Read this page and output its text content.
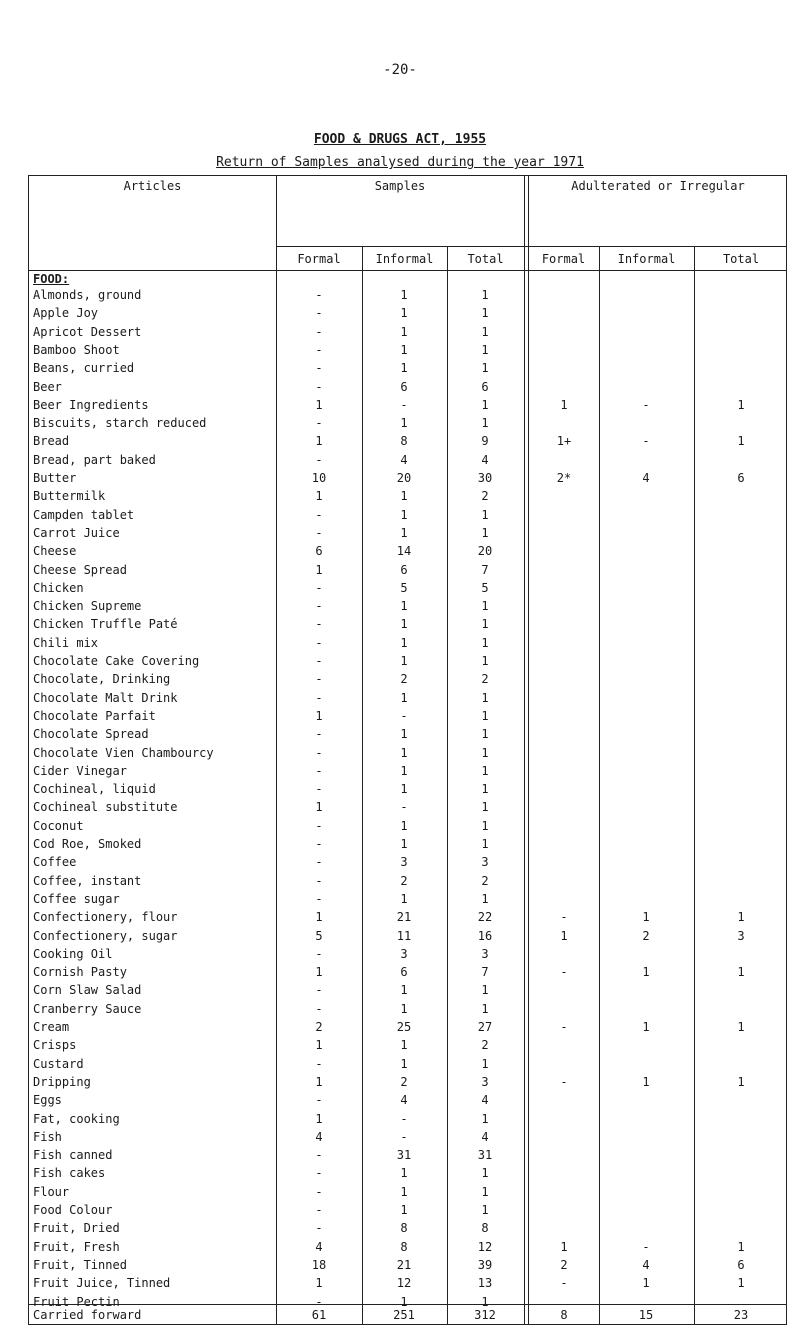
-20-
FOOD & DRUGS ACT, 1955
Return of Samples analysed during the year 1971
Articles	Samples	Adulterated or Irregular
Formal	Informal	Total	Formal	Informal	Total
FOOD:
Almonds, ground	-	1	1
Apple Joy	-	1	1
Apricot Dessert	-	1	1
Bamboo Shoot	-	1	1
Beans, curried	-	1	1
Beer	-	6	6
Beer Ingredients	1	-	1	1	-	1
Biscuits, starch reduced	-	1	1
Bread	1	8	9	1+	-	1
Bread, part baked	-	4	4
Butter	10	20	30	2*	4	6
Buttermilk	1	1	2
Campden tablet	-	1	1
Carrot Juice	-	1	1
Cheese	6	14	20
Cheese Spread	1	6	7
Chicken	-	5	5
Chicken Supreme	-	1	1
Chicken Truffle Paté	-	1	1
Chili mix	-	1	1
Chocolate Cake Covering	-	1	1
Chocolate, Drinking	-	2	2
Chocolate Malt Drink	-	1	1
Chocolate Parfait	1	-	1
Chocolate Spread	-	1	1
Chocolate Vien Chambourcy	-	1	1
Cider Vinegar	-	1	1
Cochineal, liquid	-	1	1
Cochineal substitute	1	-	1
Coconut	-	1	1
Cod Roe, Smoked	-	1	1
Coffee	-	3	3
Coffee, instant	-	2	2
Coffee sugar	-	1	1
Confectionery, flour	1	21	22	-	1	1
Confectionery, sugar	5	11	16	1	2	3
Cooking Oil	-	3	3
Cornish Pasty	1	6	7	-	1	1
Corn Slaw Salad	-	1	1
Cranberry Sauce	-	1	1
Cream	2	25	27	-	1	1
Crisps	1	1	2
Custard	-	1	1
Dripping	1	2	3	-	1	1
Eggs	-	4	4
Fat, cooking	1	-	1
Fish	4	-	4
Fish canned	-	31	31
Fish cakes	-	1	1
Flour	-	1	1
Food Colour	-	1	1
Fruit, Dried	-	8	8
Fruit, Fresh	4	8	12	1	-	1
Fruit, Tinned	18	21	39	2	4	6
Fruit Juice, Tinned	1	12	13	-	1	1
Fruit Pectin	-	1	1
Carried forward	61	251	312	8	15	23
